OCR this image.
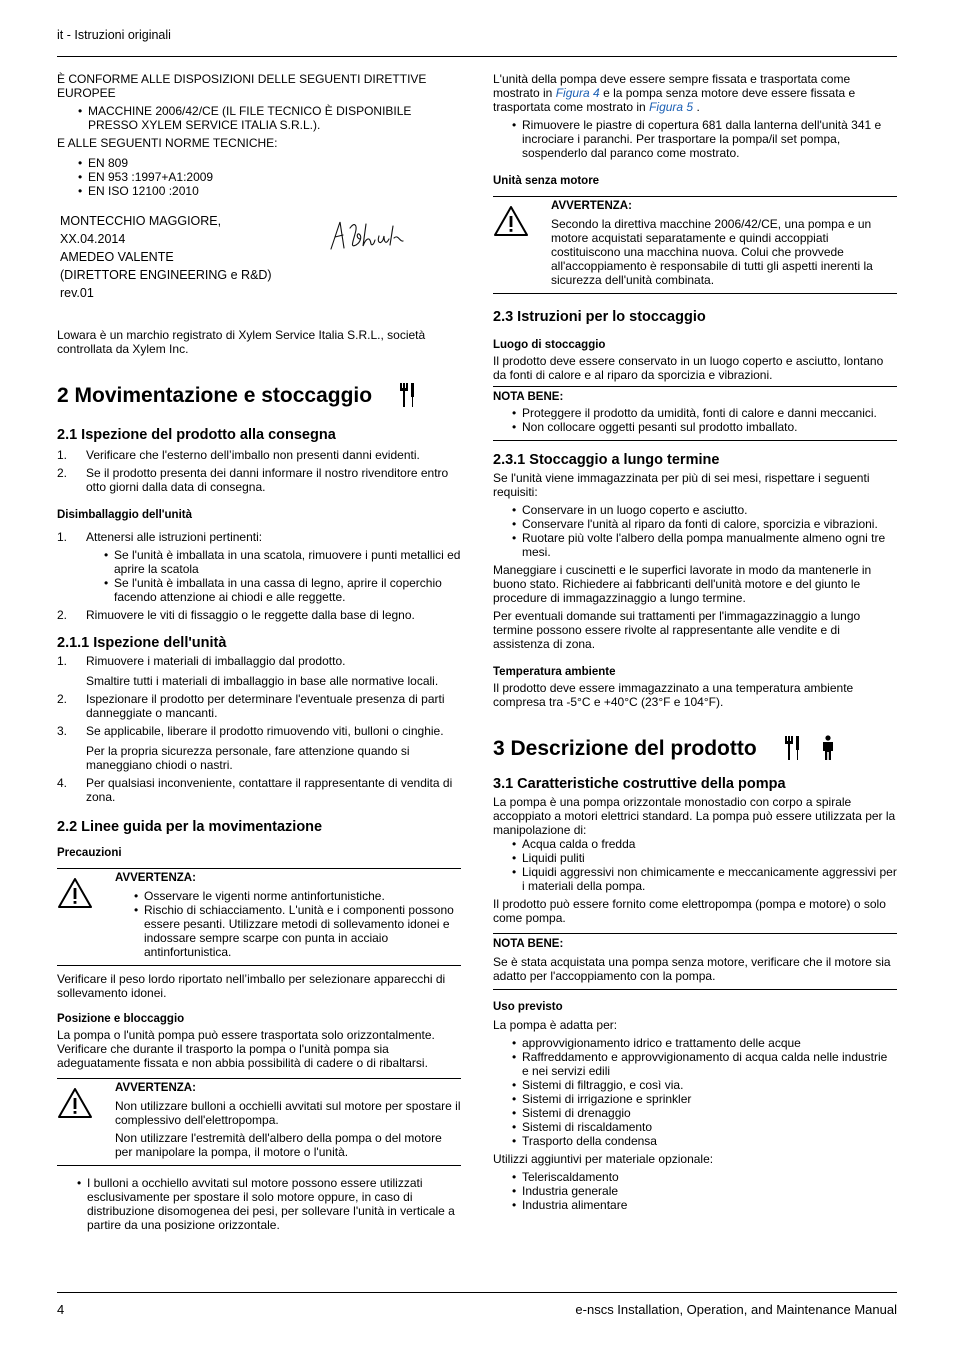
it - Istruzioni originali

È CONFORME ALLE DISPOSIZIONI DELLE SEGUENTI DIRETTIVE EUROPEE

• MACCHINE 2006/42/CE (IL FILE TECNICO È DISPONIBILE PRESSO XYLEM SERVICE ITALIA S.R.L.).

E ALLE SEGUENTI NORME TECNICHE:

• EN 809
• EN 953 :1997+A1:2009
• EN ISO 12100 :2010
MONTECCHIO MAGGIORE,
XX.04.2014
AMEDEO VALENTE
(DIRETTORE ENGINEERING e R&D)
rev.01

Lowara è un marchio registrato di Xylem Service Italia S.R.L., società controllata da Xylem Inc.

2 Movimentazione e stoccaggio
2.1 Ispezione del prodotto alla consegna
1. Verificare che l'esterno dell’imballo non presenti danni evidenti.
2. Se il prodotto presenta dei danni informare il nostro rivenditore entro otto giorni dalla data di consegna.
Disimballaggio dell'unità
1. Attenersi alle istruzioni pertinenti:
• Se l'unità è imballata in una scatola, rimuovere i punti metallici ed aprire la scatola
• Se l'unità è imballata in una cassa di legno, aprire il coperchio facendo attenzione ai chiodi e alle reggette.
2. Rimuovere le viti di fissaggio o le reggette dalla base di legno.
2.1.1 Ispezione dell'unità
1. Rimuovere i materiali di imballaggio dal prodotto.
Smaltire tutti i materiali di imballaggio in base alle normative locali.
2. Ispezionare il prodotto per determinare l'eventuale presenza di parti danneggiate o mancanti.
3. Se applicabile, liberare il prodotto rimuovendo viti, bulloni o cinghie.
Per la propria sicurezza personale, fare attenzione quando si maneggiano chiodi o nastri.
4. Per qualsiasi inconveniente, contattare il rappresentante di vendita di zona.
2.2 Linee guida per la movimentazione
Precauzioni
AVVERTENZA:
• Osservare le vigenti norme antinfortunistiche.
• Rischio di schiacciamento. L'unità e i componenti possono essere pesanti. Utilizzare metodi di sollevamento idonei e indossare sempre scarpe con punta in acciaio antinfortunistica.

Verificare il peso lordo riportato nell’imballo per selezionare apparecchi di sollevamento idonei.

Posizione e bloccaggio

La pompa o l'unità pompa può essere trasportata solo orizzontalmente. Verificare che durante il trasporto la pompa o l'unità pompa sia adeguatamente fissata e non abbia possibilità di cadere o di ribaltarsi.

AVVERTENZA:

Non utilizzare bulloni a occhielli avvitati sul motore per spostare il complessivo dell'elettropompa.

Non utilizzare l'estremità dell'albero della pompa o del motore per manipolare la pompa, il motore o l'unità.

• I bulloni a occhiello avvitati sul motore possono essere utilizzati esclusivamente per spostare il solo motore oppure, in caso di distribuzione disomogenea dei pesi, per sollevare l'unità in verticale a partire da una posizione orizzontale.

L'unità della pompa deve essere sempre fissata e trasportata come mostrato in Figura 4 e la pompa senza motore deve essere fissata e trasportata come mostrato in Figura 5 .

• Rimuovere le piastre di copertura 681 dalla lanterna dell'unità 341 e incrociare i paranchi. Per trasportare la pompa/il set pompa, sospenderlo dal paranco come mostrato.
Unità senza motore
AVVERTENZA:

Secondo la direttiva macchine 2006/42/CE, una pompa e un motore acquistati separatamente e quindi accoppiati costituiscono una macchina nuova. Colui che provvede all'accoppiamento è responsabile di tutti gli aspetti inerenti la sicurezza dell'unità combinata.

2.3 Istruzioni per lo stoccaggio
Luogo di stoccaggio

Il prodotto deve essere conservato in un luogo coperto e asciutto, lontano da fonti di calore e al riparo da sporcizia e vibrazioni.

NOTA BENE:
• Proteggere il prodotto da umidità, fonti di calore e danni meccanici.
• Non collocare oggetti pesanti sul prodotto imballato.
2.3.1 Stoccaggio a lungo termine

Se l'unità viene immagazzinata per più di sei mesi, rispettare i seguenti requisiti:

• Conservare in un luogo coperto e asciutto.
• Conservare l'unità al riparo da fonti di calore, sporcizia e vibrazioni.
• Ruotare più volte l'albero della pompa manualmente almeno ogni tre mesi.

Maneggiare i cuscinetti e le superfici lavorate in modo da mantenerle in buono stato. Richiedere ai fabbricanti dell'unità motore e del giunto le procedure di immagazzinaggio a lungo termine.

Per eventuali domande sui trattamenti per l'immagazzinaggio a lungo termine possono essere rivolte al rappresentante alle vendite e di assistenza di zona.

Temperatura ambiente

Il prodotto deve essere immagazzinato a una temperatura ambiente compresa tra -5°C e +40°C (23°F e 104°F).

3 Descrizione del prodotto
3.1 Caratteristiche costruttive della pompa

La pompa è una pompa orizzontale monostadio con corpo a spirale accoppiato a motori elettrici standard. La pompa può essere utilizzata per la manipolazione di:

• Acqua calda o fredda
• Liquidi puliti
• Liquidi aggressivi non chimicamente e meccanicamente aggressivi per i materiali della pompa.

Il prodotto può essere fornito come elettropompa (pompa e motore) o solo come pompa.

NOTA BENE:

Se è stata acquistata una pompa senza motore, verificare che il motore sia adatto per l'accoppiamento con la pompa.

Uso previsto

La pompa è adatta per:

• approvvigionamento idrico e trattamento delle acque
• Raffreddamento e approvvigionamento di acqua calda nelle industrie e nei servizi edili
• Sistemi di filtraggio, e così via.
• Sistemi di irrigazione e sprinkler
• Sistemi di drenaggio
• Sistemi di riscaldamento
• Trasporto della condensa

Utilizzi aggiuntivi per materiale opzionale:

• Teleriscaldamento
• Industria generale
• Industria alimentare
4	e-nscs Installation, Operation, and Maintenance Manual
